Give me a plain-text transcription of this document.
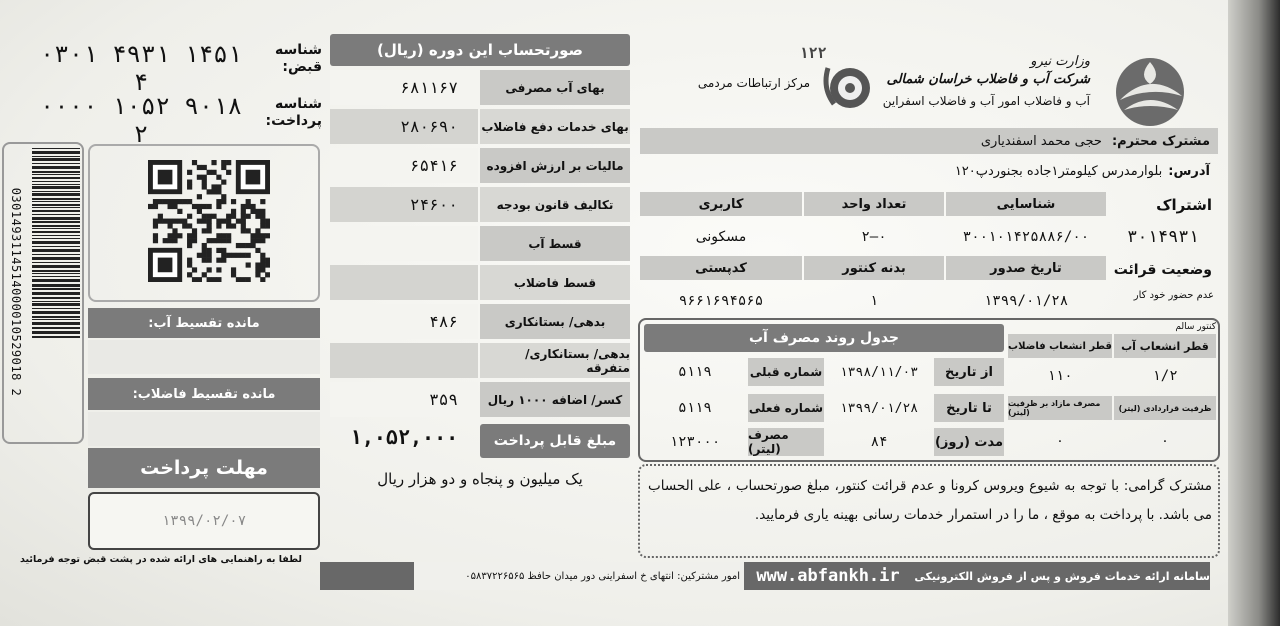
وزارت نیرو
شرکت آب و فاضلاب خراسان شمالی
آب و فاضلاب امور آب و فاضلاب اسفراین
۱۲۲
مرکز ارتباطات مردمی
مشترک محترم:
حجی محمد اسفندیاری
آدرس:
بلوارمدرس کیلومتر۱جاده بجنوردپ۱۲۰
اشتراک
شناسایی
تعداد واحد
کاربری
۳۰۱۴۹۳۱
۳۰۰۱۰۱۴۲۵۸۸۶/۰۰
۲—۰
مسکونی
وضعیت قرائت
تاریخ صدور
بدنه کنتور
کدپستی
عدم حضور خود کار
۱۳۹۹/۰۱/۲۸
۱
۹۶۶۱۶۹۴۵۶۵
جدول روند مصرف آب
کنتور سالم
قطر انشعاب آب
قطر انشعاب فاضلاب
۱/۲
۱۱۰
ظرفیت قراردادی (لیتر)
مصرف مازاد بر ظرفیت (لیتر)
۰
۰
از تاریخ
۱۳۹۸/۱۱/۰۳
شماره قبلی
۵۱۱۹
تا تاریخ
۱۳۹۹/۰۱/۲۸
شماره فعلی
۵۱۱۹
مدت (روز)
۸۴
مصرف (لیتر)
۱۲۳۰۰۰
مشترک گرامی: با توجه به شیوع ویروس کرونا و عدم قرائت کنتور، مبلغ صورتحساب ، علی الحساب می باشد. با پرداخت به موقع ، ما را در استمرار خدمات رسانی بهینه یاری فرمایید.
سامانه ارائه خدمات فروش و پس از فروش الکترونیکی
www.abfankh.ir
امور مشترکین: انتهای خ اسفراینی دور میدان حافظ ۰۵۸۳۷۲۲۶۵۶۵
صورتحساب این دوره (ریال)
بهای آب مصرفی
۶۸۱۱۶۷
بهای خدمات دفع فاضلاب
۲۸۰۶۹۰
مالیات بر ارزش افزوده
۶۵۴۱۶
تکالیف قانون بودجه
۲۴۶۰۰
قسط آب
قسط فاضلاب
بدهی/ بستانکاری
۴۸۶
بدهی/ بستانکاری/ متفرقه
کسر/ اضافه ۱۰۰۰ ریال
۳۵۹
۱,۰۵۲,۰۰۰	مبلغ قابل پرداخت
یک میلیون و پنجاه و دو هزار ریال
لطفا به راهنمایی های ارائه شده در پشت قبض توجه فرمائید
شناسه قبض:
۰۳۰۱ ۴۹۳۱ ۱۴۵۱ ۴
شناسه پرداخت:
۰۰۰۰ ۱۰۵۲ ۹۰۱۸ ۲
0301493114514000010529018 2	مانده تقسیط آب:
مانده تقسیط فاضلاب:
مهلت پرداخت
۱۳۹۹/۰۲/۰۷
